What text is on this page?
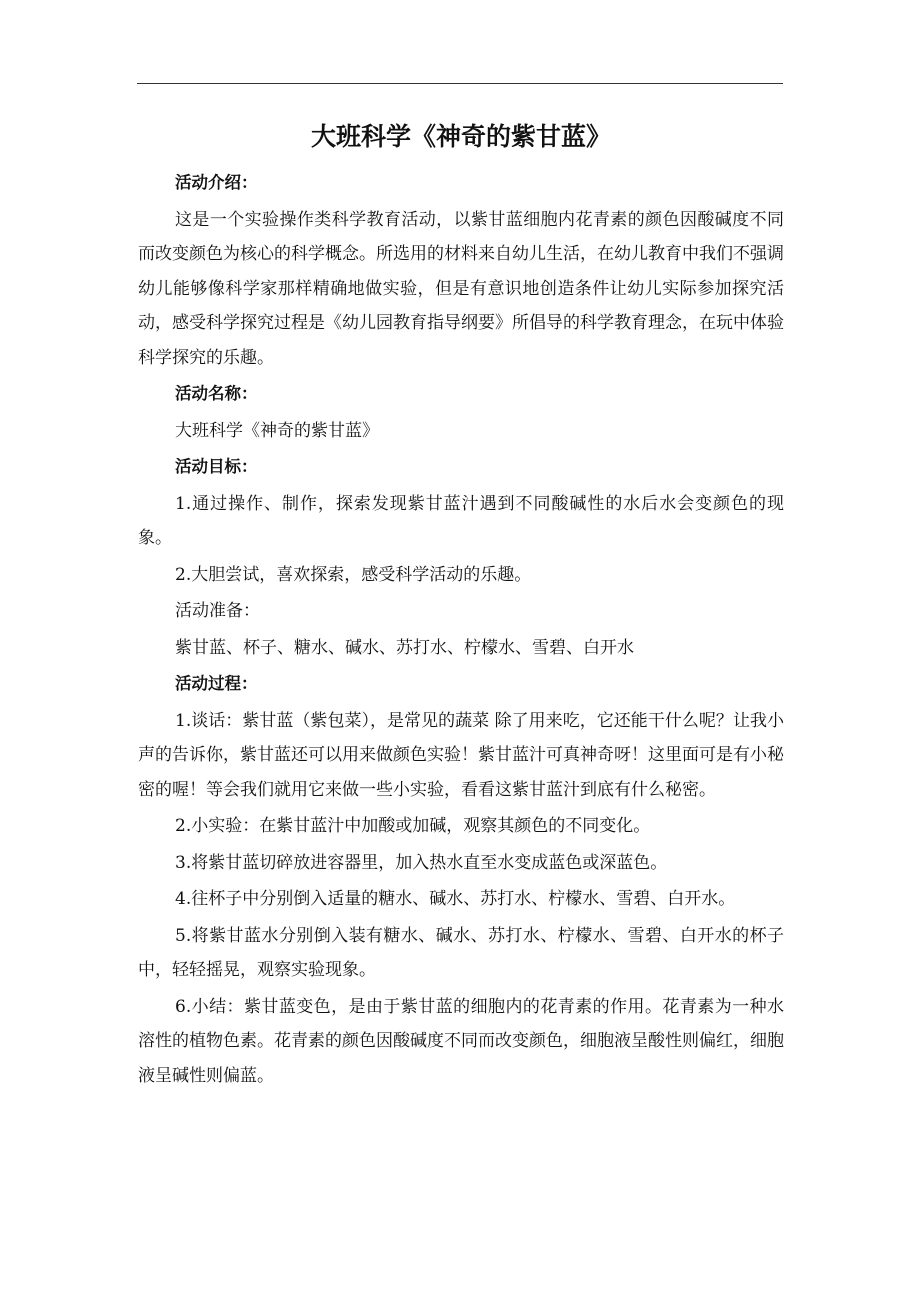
大班科学《神奇的紫甘蓝》

活动介绍：

这是一个实验操作类科学教育活动，以紫甘蓝细胞内花青素的颜色因酸碱度不同而改变颜色为核心的科学概念。所选用的材料来自幼儿生活，在幼儿教育中我们不强调幼儿能够像科学家那样精确地做实验，但是有意识地创造条件让幼儿实际参加探究活动，感受科学探究过程是《幼儿园教育指导纲要》所倡导的科学教育理念，在玩中体验科学探究的乐趣。

活动名称：

大班科学《神奇的紫甘蓝》

活动目标：

1.通过操作、制作，探索发现紫甘蓝汁遇到不同酸碱性的水后水会变颜色的现象。

2.大胆尝试，喜欢探索，感受科学活动的乐趣。

活动准备：

紫甘蓝、杯子、糖水、碱水、苏打水、柠檬水、雪碧、白开水

活动过程：

1.谈话：紫甘蓝（紫包菜），是常见的蔬菜 除了用来吃，它还能干什么呢？让我小声的告诉你，紫甘蓝还可以用来做颜色实验！紫甘蓝汁可真神奇呀！这里面可是有小秘密的喔！等会我们就用它来做一些小实验，看看这紫甘蓝汁到底有什么秘密。

2.小实验：在紫甘蓝汁中加酸或加碱，观察其颜色的不同变化。

3.将紫甘蓝切碎放进容器里，加入热水直至水变成蓝色或深蓝色。

4.往杯子中分别倒入适量的糖水、碱水、苏打水、柠檬水、雪碧、白开水。

5.将紫甘蓝水分别倒入装有糖水、碱水、苏打水、柠檬水、雪碧、白开水的杯子中，轻轻摇晃，观察实验现象。

6.小结：紫甘蓝变色，是由于紫甘蓝的细胞内的花青素的作用。花青素为一种水溶性的植物色素。花青素的颜色因酸碱度不同而改变颜色，细胞液呈酸性则偏红，细胞液呈碱性则偏蓝。
